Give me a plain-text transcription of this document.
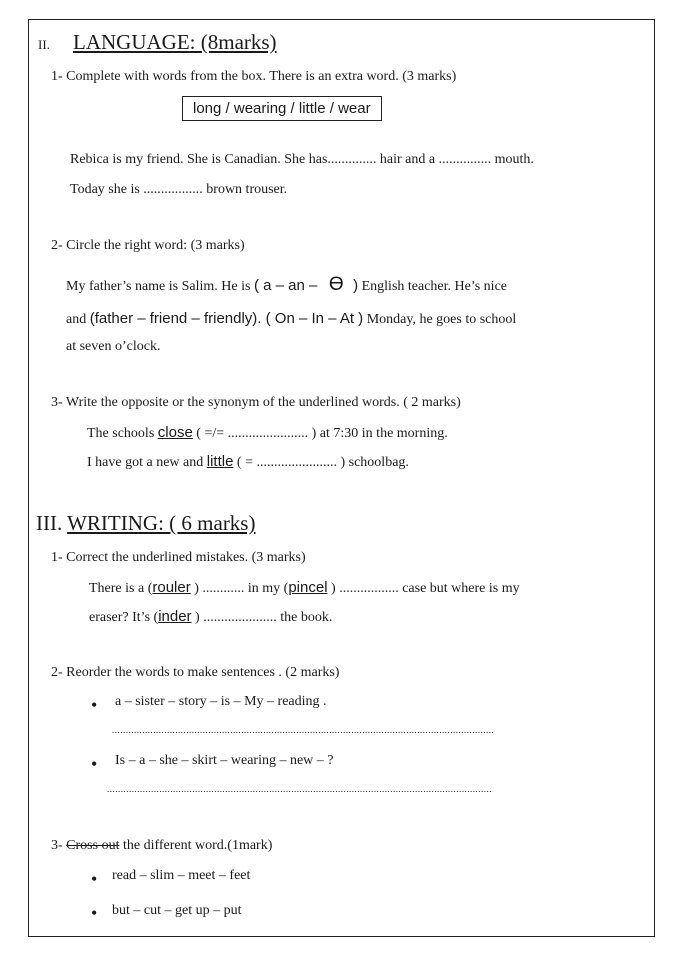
II. LANGUAGE: (8marks)
1- Complete with words from the box. There is an extra word. (3 marks)
long / wearing / little / wear
Rebica is my friend. She is Canadian. She has.............. hair and a ............... mouth.
Today she is ................. brown trouser.
2- Circle the right word: (3 marks)
My father’s name is Salim. He is ( a – an – ϴ ) English teacher. He’s nice
and (father – friend – friendly). ( On – In – At ) Monday, he goes to school
at seven o’clock.
3- Write the opposite or the synonym of the underlined words. ( 2 marks)
The schools close ( =/= ....................... ) at 7:30 in the morning.
I have got a new and little ( = ....................... ) schoolbag.
III. WRITING: ( 6 marks)
1- Correct the underlined mistakes. (3 marks)
There is a (rouler ) ............ in my (pincel ) ................. case but where is my
eraser? It’s (inder ) ..................... the book.
2- Reorder the words to make sentences . (2 marks)
• a – sister – story – is – My – reading .
...........................................................................................................................................
• Is – a – she – skirt – wearing – new – ?
............................................................................................................................................
3- Cross out the different word.(1mark)
• read – slim – meet – feet
• but – cut – get up – put
